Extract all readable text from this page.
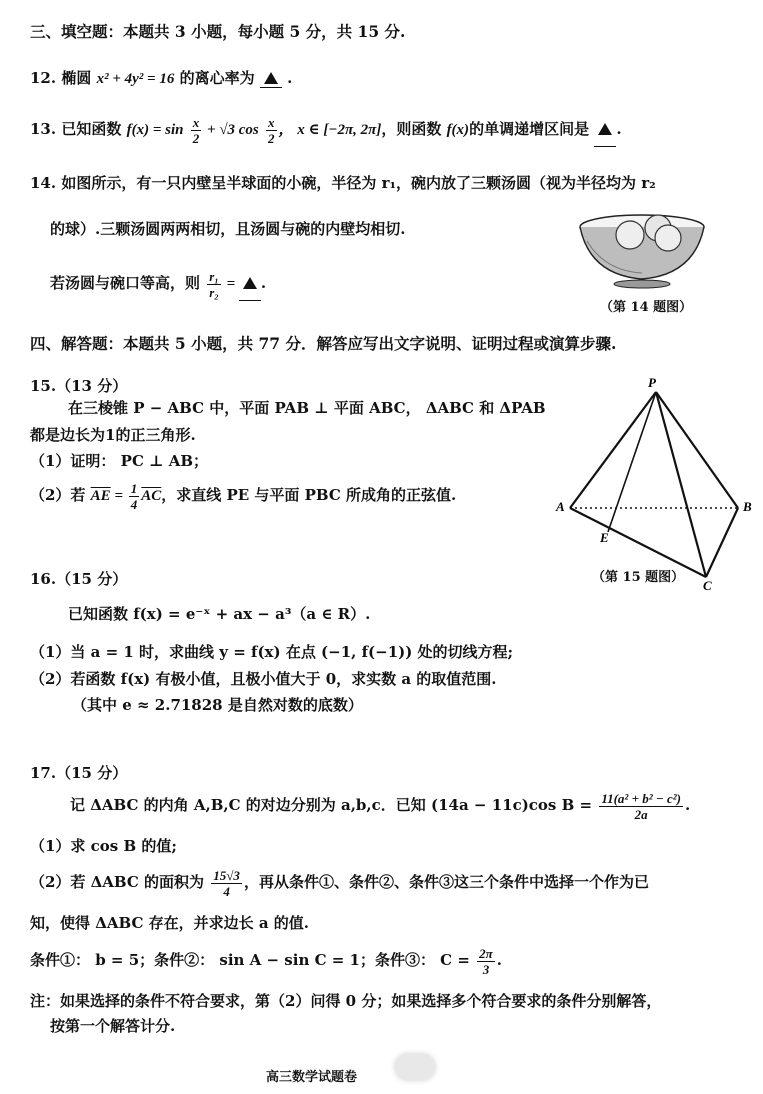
三、填空题：本题共 3 小题，每小题 5 分，共 15 分.
12. 椭圆 x² + 4y² = 16 的离心率为 .
13. 已知函数 $f(x) = \sin \frac{x}{2} + √3$ $\cos \frac{x}{2}$ ， x ∈ [−2π, 2π]，则函数 f(x)的单调递增区间是 .
14. 如图所示，有一只内壁呈半球面的小碗，半径为 r₁，碗内放了三颗汤圆（视为半径均为 r₂
的球）.三颗汤圆两两相切，且汤圆与碗的内壁均相切.
若汤圆与碗口等高，则 $\frac{\text{r₁}}{\text{r₂}}$ = .
（第 14 题图）
四、解答题：本题共 5 小题，共 77 分．解答应写出文字说明、证明过程或演算步骤.
15.（13 分）
在三棱锥 P − ABC 中，平面 PAB ⊥ 平面 ABC， ΔABC 和 ΔPAB
都是边长为1的正三角形.
（1）证明： PC ⊥ AB；
（2）若 $\overline{AE} = \frac{1}{4} \overline{AC}$，求直线 PE 与平面 PBC 所成角的正弦值.
P
A	B
C
E
（第 15 题图）
16.（15 分）
已知函数 f(x) = e⁻ˣ + ax − a³（a ∈ R）.
（1）当 a = 1 时，求曲线 y = f(x) 在点 (−1, f(−1)) 处的切线方程;
（2）若函数 f(x) 有极小值，且极小值大于 0，求实数 a 的取值范围.
（其中 e ≈ 2.71828 是自然对数的底数）
17.（15 分）
记 ΔABC 的内角 A,B,C 的对边分别为 a,b,c．已知 (14a − 11c)cos $B = \frac{\text{11(a² + b² − c²)}}{2a}$ .
（1）求 cos B 的值;
（2）若 ΔABC 的面积为 $\frac{15√3}{4}$ ，再从条件①、条件②、条件③这三个条件中选择一个作为已
知，使得 ΔABC 存在，并求边长 a 的值.
条件①： b = 5；条件②： sin A − sin C = 1；条件③： $C = \frac{2\pi}{3}$ .
注：如果选择的条件不符合要求，第（2）问得 0 分；如果选择多个符合要求的条件分别解答，
按第一个解答计分.
高三数学试题卷
